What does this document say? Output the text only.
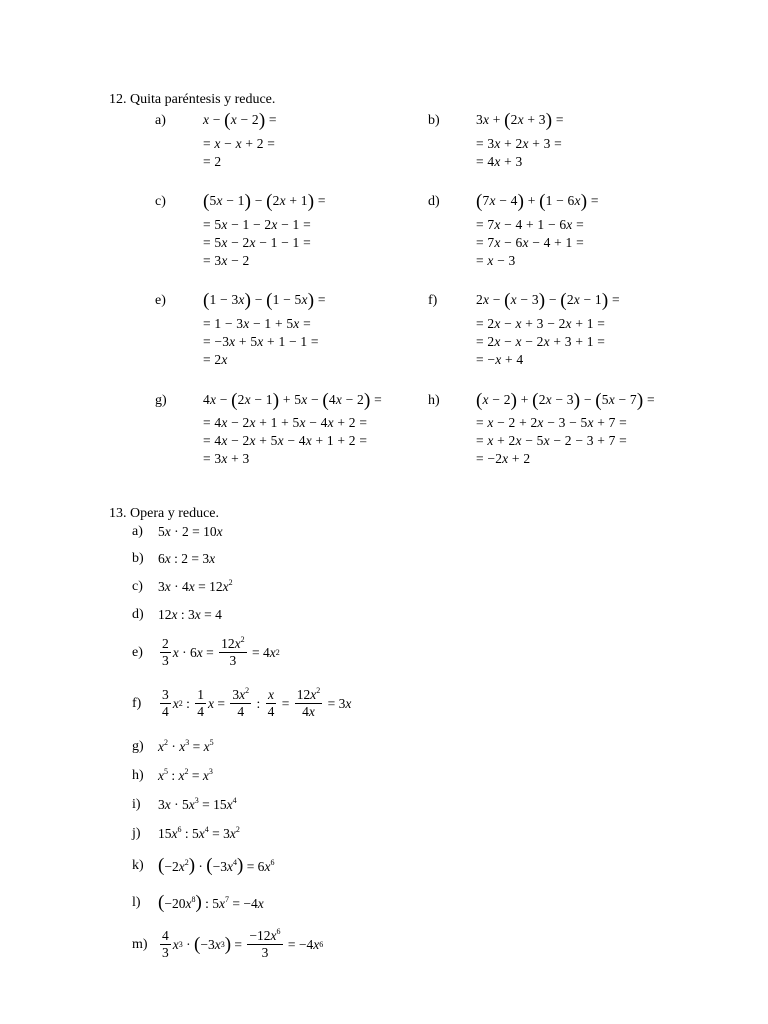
12. Quita paréntesis y reduce.
a)	x − (x − 2) =
= x − x + 2 =
= 2
b)	3x + (2x + 3) =
= 3x + 2x + 3 =
= 4x + 3
c) (5x − 1) − (2x + 1) =
= 5x − 1 − 2x − 1 =
= 5x − 2x − 1 − 1 =
= 3x − 2
d) (7x − 4) + (1 − 6x) =
= 7x − 4 + 1 − 6x =
= 7x − 6x − 4 + 1 =
= x − 3
e) (1 − 3x) − (1 − 5x) =
= 1 − 3x − 1 + 5x =
= −3x + 5x + 1 − 1 =
= 2x
f)	2x − (x − 3) − (2x − 1) =
= 2x − x + 3 − 2x + 1 =
= 2x − x − 2x + 3 + 1 =
= −x + 4
g)	4x − (2x − 1) + 5x − (4x − 2) =
= 4x − 2x + 1 + 5x − 4x + 2 =
= 4x − 2x + 5x − 4x + 1 + 2 =
= 3x + 3
h) (x − 2) + (2x − 3) − (5x − 7) =
= x − 2 + 2x − 3 − 5x + 7 =
= x + 2x − 5x − 2 − 3 + 7 =
= −2x + 2
13. Opera y reduce.
a)	5x · 2 = 10x
b)	6x : 2 = 3x
c)	$3x \cdot 4x = 12x^2$
d)	12x : 3x = 4
e)	$\frac{2}{3}$ x · 6 $x = \frac{12x^2}{3} = 4$ x 2
f)	$\frac{3}{4}$ x 2 : $\frac{1}{4}$ $x = \frac{3x^2}{4}$ : $\frac{x}{4} = \frac{12x^2}{4x} = 3$ x
g)	$x^2 \cdot x^3 = x^5$
h)	$x^5$ : $x^2 = x^3$
i)	$3x \cdot 5x^3 = 15x^4$
j)	$15x^6$ : $5x^4 = 3x^2$
k) $(-2x^2) \cdot (-3x^4) = 6x^6$
l) $(-20x^8)$ : $5x^7 = -4x$
$m) \frac{4}{3}$ x 3 · ( −3 x 3 ) = $\frac{-12x^6}{3} = -4$ x 6
